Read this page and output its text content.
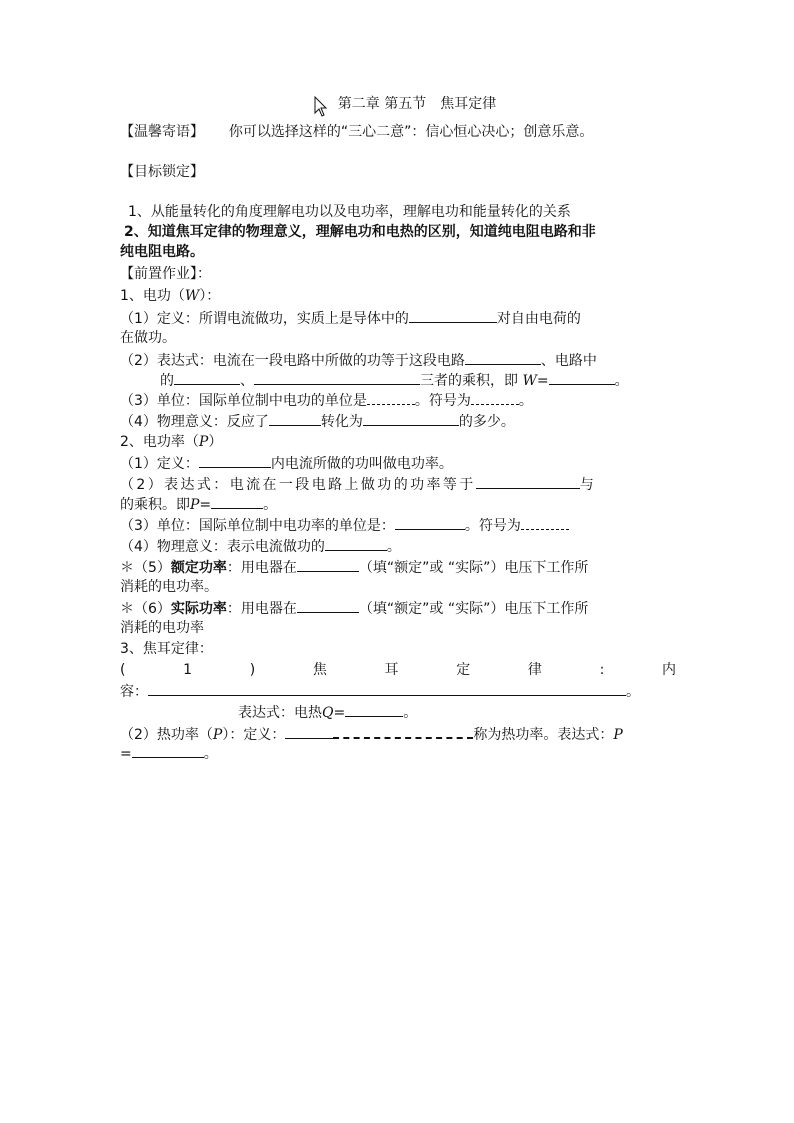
第二章 第五节　焦耳定律
【温馨寄语】 你可以选择这样的“三心二意”：信心恒心决心；创意乐意。
【目标锁定】
1、从能量转化的角度理解电功以及电功率，理解电功和能量转化的关系
2、知道焦耳定律的物理意义，理解电功和电热的区别，知道纯电阻电路和非
纯电阻电路。
【前置作业】：
1、电功（W）：
（1）定义：所谓电流做功，实质上是导体中的	对自由电荷的
在做功。
（2）表达式：电流在一段电路中所做的功等于这段电路	、电路中
的	、	三者的乘积，即 W=	。
（3）单位：国际单位制中电功的单位是	。符号为	。
（4）物理意义：反应了	转化为	的多少。
2、电功率（P）
（1）定义：	内电流所做的功叫做电功率。
（2）表达式：电流在一段电路上做功的功率等于	与
的乘积。即P=	。
（3）单位：国际单位制中电功率的单位是：	。符号为
（4）物理意义：表示电流做功的	。
＊（5）额定功率：用电器在	（填“额定”或 “实际”）电压下工作所
消耗的电功率。
＊（6）实际功率：用电器在	（填“额定”或 “实际”）电压下工作所
消耗的电功率
3、焦耳定律：
(	1	)	焦	耳	定	律	:	内
容：	。
表达式：电热Q=	。
（2）热功率（P）：定义：	称为热功率。表达式：P
=	。
